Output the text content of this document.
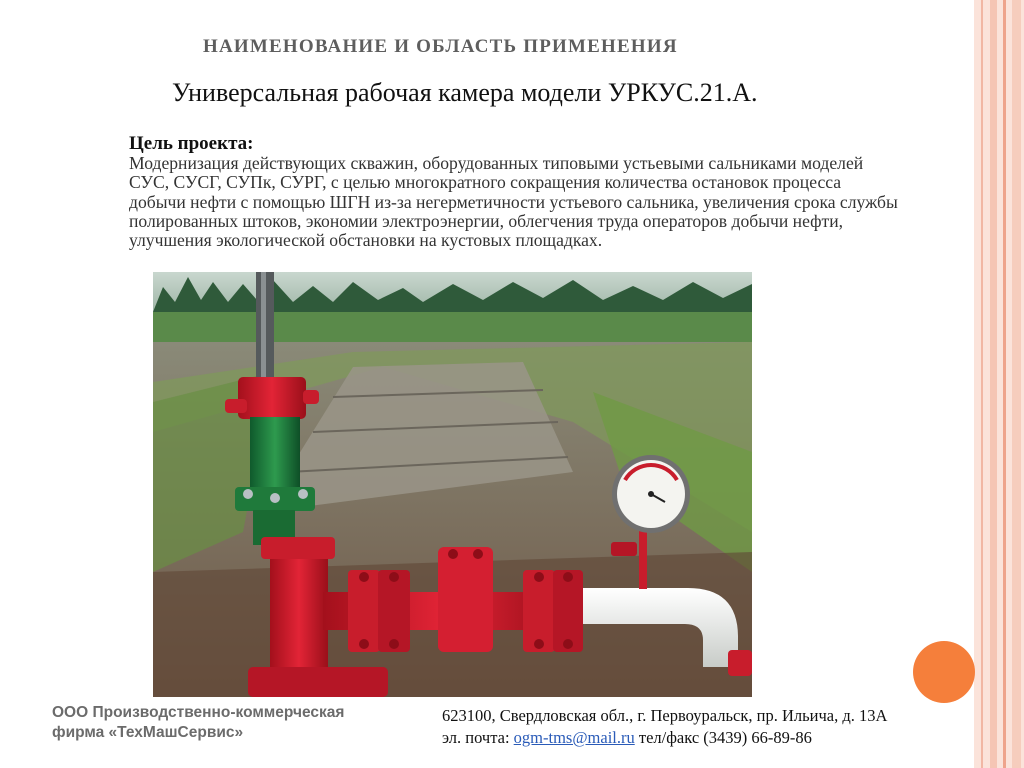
НАИМЕНОВАНИЕ И ОБЛАСТЬ ПРИМЕНЕНИЯ
Универсальная рабочая камера модели УРКУС.21.А.
Цель проекта:
Модернизация действующих скважин, оборудованных типовыми устьевыми сальниками моделей СУС, СУСГ, СУПк, СУРГ, с целью многократного сокращения количества остановок процесса добычи нефти с помощью ШГН из-за негерметичности устьевого сальника, увеличения срока службы полированных штоков, экономии электроэнергии, облегчения труда операторов добычи нефти, улучшения экологической обстановки на кустовых площадках.
ООО Производственно-коммерческая
фирма «ТехМашСервис»
623100, Свердловская обл., г. Первоуральск, пр. Ильича, д. 13А
эл. почта: ogm-tms@mail.ru тел/факс (3439) 66-89-86
